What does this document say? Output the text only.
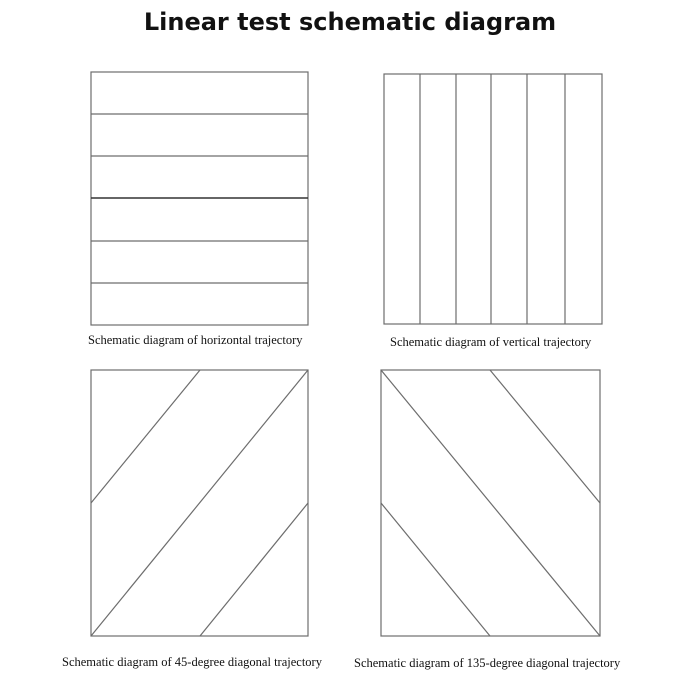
Linear test schematic diagram
Schematic diagram of horizontal trajectory	Schematic diagram of vertical trajectory
Schematic diagram of 45-degree diagonal trajectory	Schematic diagram of 135-degree diagonal trajectory
